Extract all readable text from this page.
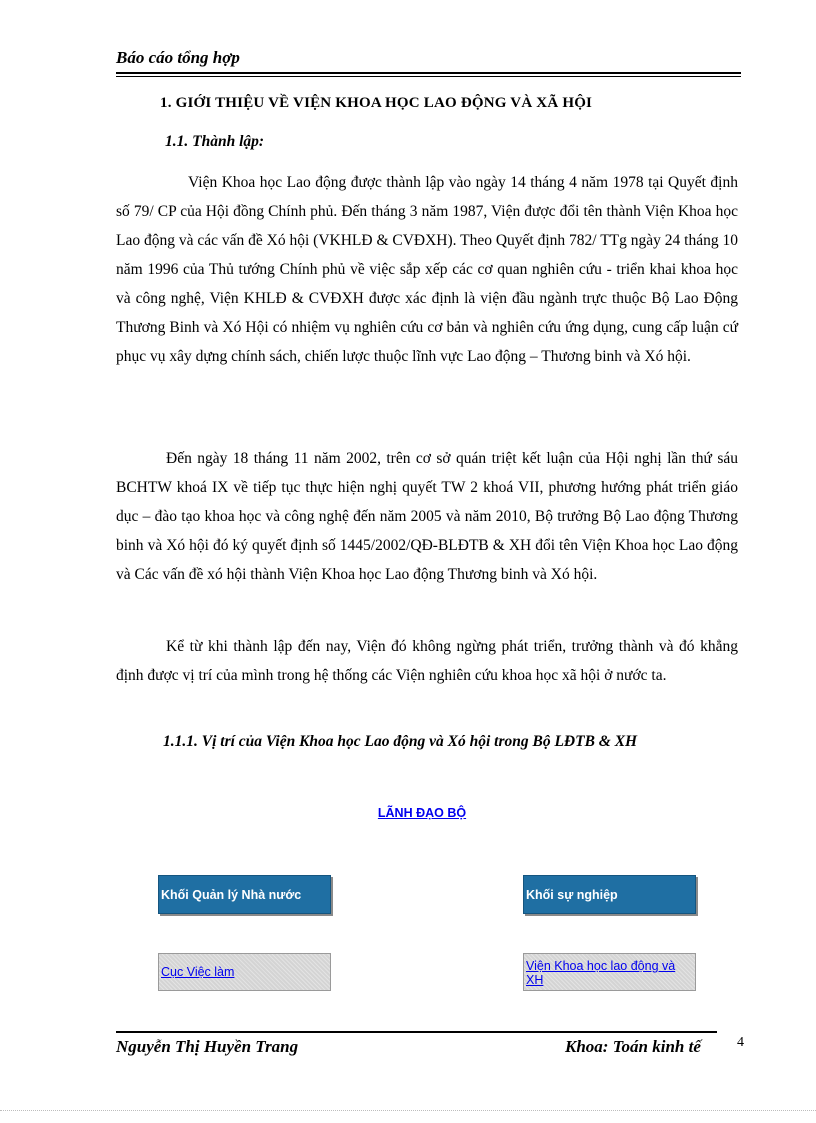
Báo cáo tổng hợp
1. GIỚI THIỆU VỀ VIỆN KHOA HỌC LAO ĐỘNG VÀ XÃ HỘI
1.1. Thành lập:
Viện Khoa học Lao động được thành lập vào ngày 14 tháng 4 năm 1978 tại Quyết định số 79/ CP của Hội đồng Chính phủ. Đến tháng 3 năm 1987, Viện được đổi tên thành Viện Khoa học Lao động và các vấn đề Xó hội (VKHLĐ & CVĐXH). Theo Quyết định 782/ TTg ngày 24 tháng 10 năm 1996 của Thủ tướng Chính phủ về việc sắp xếp các cơ quan nghiên cứu - triển khai khoa học và công nghệ, Viện KHLĐ & CVĐXH được xác định là viện đầu ngành trực thuộc Bộ Lao Động Thương Binh và Xó Hội có nhiệm vụ nghiên cứu cơ bản và nghiên cứu ứng dụng, cung cấp luận cứ phục vụ xây dựng chính sách, chiến lược thuộc lĩnh vực Lao động – Thương binh và Xó hội.
Đến ngày 18 tháng 11 năm 2002, trên cơ sở quán triệt kết luận của Hội nghị lần thứ sáu BCHTW khoá IX về tiếp tục thực hiện nghị quyết TW 2 khoá VII, phương hướng phát triển giáo dục – đào tạo khoa học và công nghệ đến năm 2005 và năm 2010, Bộ trưởng Bộ Lao động Thương binh và Xó hội đó ký quyết định số 1445/2002/QĐ-BLĐTB & XH đổi tên Viện Khoa học Lao động và Các vấn đề xó hội thành Viện Khoa học Lao động Thương binh và Xó hội.
Kể từ khi thành lập đến nay, Viện đó không ngừng phát triển, trưởng thành và đó khẳng định được vị trí của mình trong hệ thống các Viện nghiên cứu khoa học xã hội ở nước ta.
1.1.1. Vị trí của Viện Khoa học Lao động và Xó hội trong Bộ LĐTB & XH
LÃNH ĐẠO BỘ
Khối Quản lý Nhà nước	Khối sự nghiệp
Cục Việc làm	Viện Khoa học lao động và XH
Nguyễn Thị Huyền Trang	Khoa: Toán kinh tế	4
